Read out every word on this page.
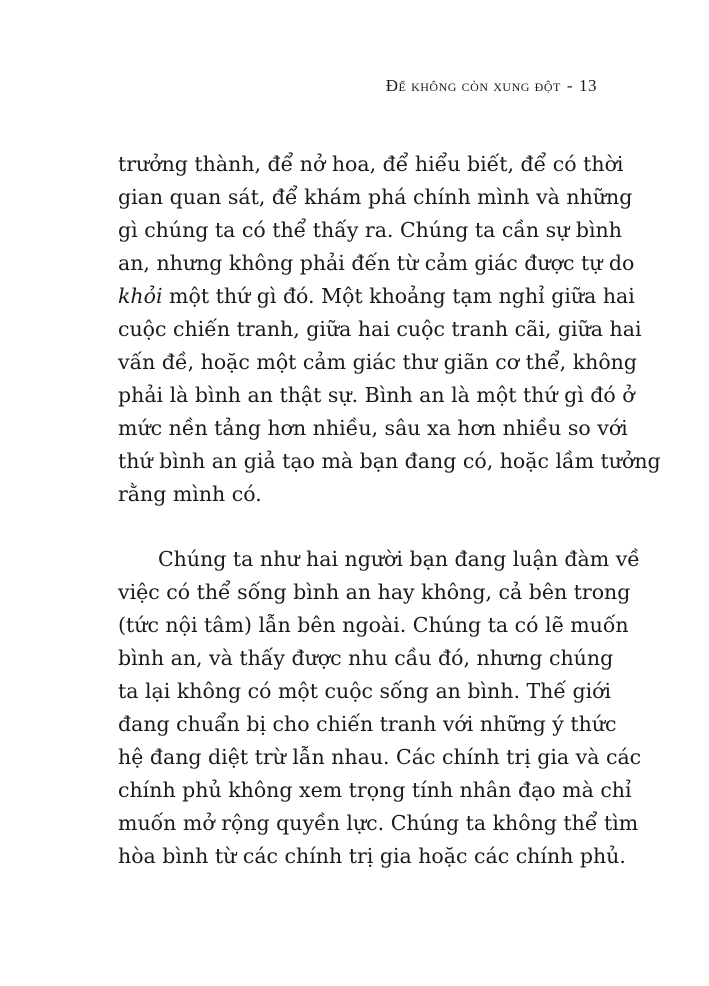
Để không còn xung đột - 13
trưởng thành, để nở hoa, để hiểu biết, để có thời
gian quan sát, để khám phá chính mình và những
gì chúng ta có thể thấy ra. Chúng ta cần sự bình
an, nhưng không phải đến từ cảm giác được tự do
khỏi một thứ gì đó. Một khoảng tạm nghỉ giữa hai
cuộc chiến tranh, giữa hai cuộc tranh cãi, giữa hai
vấn đề, hoặc một cảm giác thư giãn cơ thể, không
phải là bình an thật sự. Bình an là một thứ gì đó ở
mức nền tảng hơn nhiều, sâu xa hơn nhiều so với
thứ bình an giả tạo mà bạn đang có, hoặc lầm tưởng
rằng mình có.
Chúng ta như hai người bạn đang luận đàm về
việc có thể sống bình an hay không, cả bên trong
(tức nội tâm) lẫn bên ngoài. Chúng ta có lẽ muốn
bình an, và thấy được nhu cầu đó, nhưng chúng
ta lại không có một cuộc sống an bình. Thế giới
đang chuẩn bị cho chiến tranh với những ý thức
hệ đang diệt trừ lẫn nhau. Các chính trị gia và các
chính phủ không xem trọng tính nhân đạo mà chỉ
muốn mở rộng quyền lực. Chúng ta không thể tìm
hòa bình từ các chính trị gia hoặc các chính phủ.
